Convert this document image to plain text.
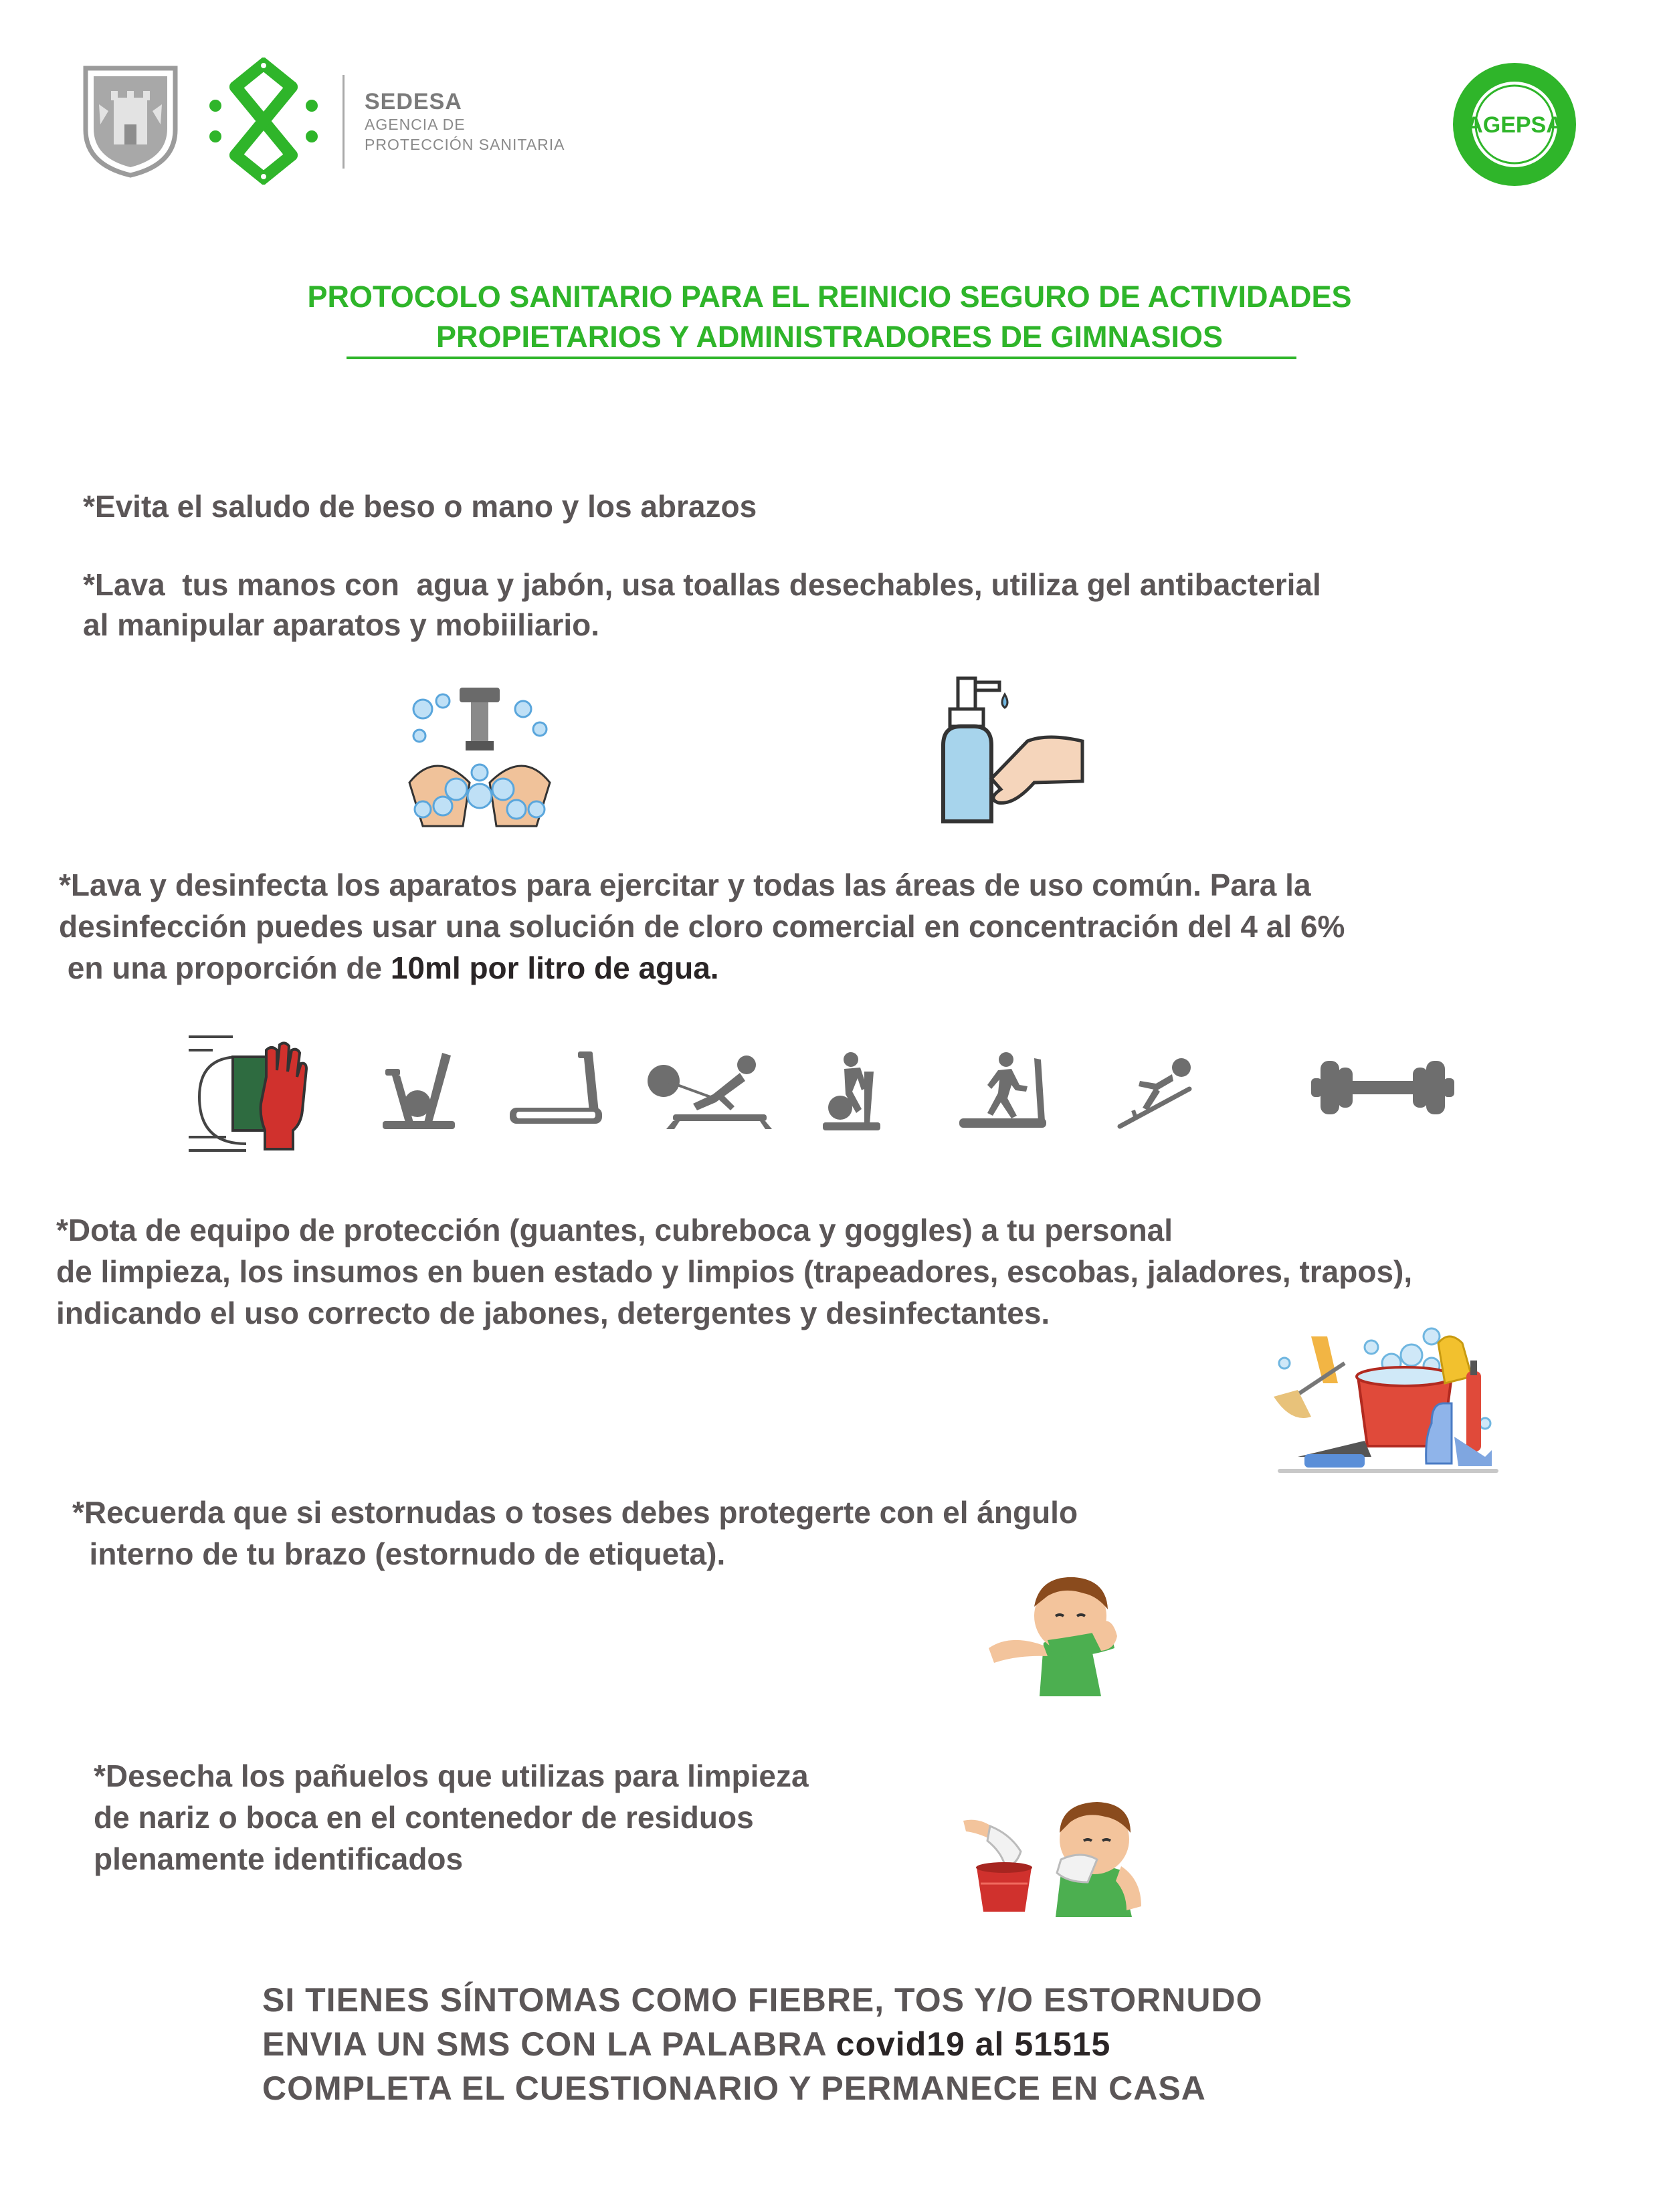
SEDESA
AGENCIA DE
PROTECCIÓN SANITARIA
AGEPSA
PROTOCOLO SANITARIO PARA EL REINICIO SEGURO DE ACTIVIDADES
PROPIETARIOS Y ADMINISTRADORES DE GIMNASIOS
*Evita el saludo de beso o mano y los abrazos
*Lava  tus manos con  agua y jabón, usa toallas desechables, utiliza gel antibacterial
al manipular aparatos y mobiiliario.
*Lava y desinfecta los aparatos para ejercitar y todas las áreas de uso común. Para la
desinfección puedes usar una solución de cloro comercial en concentración del 4 al 6%
en una proporción de 10ml por litro de agua.
*Dota de equipo de protección (guantes, cubreboca y goggles) a tu personal
de limpieza, los insumos en buen estado y limpios (trapeadores, escobas, jaladores, trapos),
indicando el uso correcto de jabones, detergentes y desinfectantes.
*Recuerda que si estornudas o toses debes protegerte con el ángulo
interno de tu brazo (estornudo de etiqueta).
*Desecha los pañuelos que utilizas para limpieza
de nariz o boca en el contenedor de residuos
plenamente identificados
SI TIENES SÍNTOMAS COMO FIEBRE, TOS Y/O ESTORNUDO
ENVIA UN SMS CON LA PALABRA covid19 al 51515
COMPLETA EL CUESTIONARIO Y PERMANECE EN CASA
